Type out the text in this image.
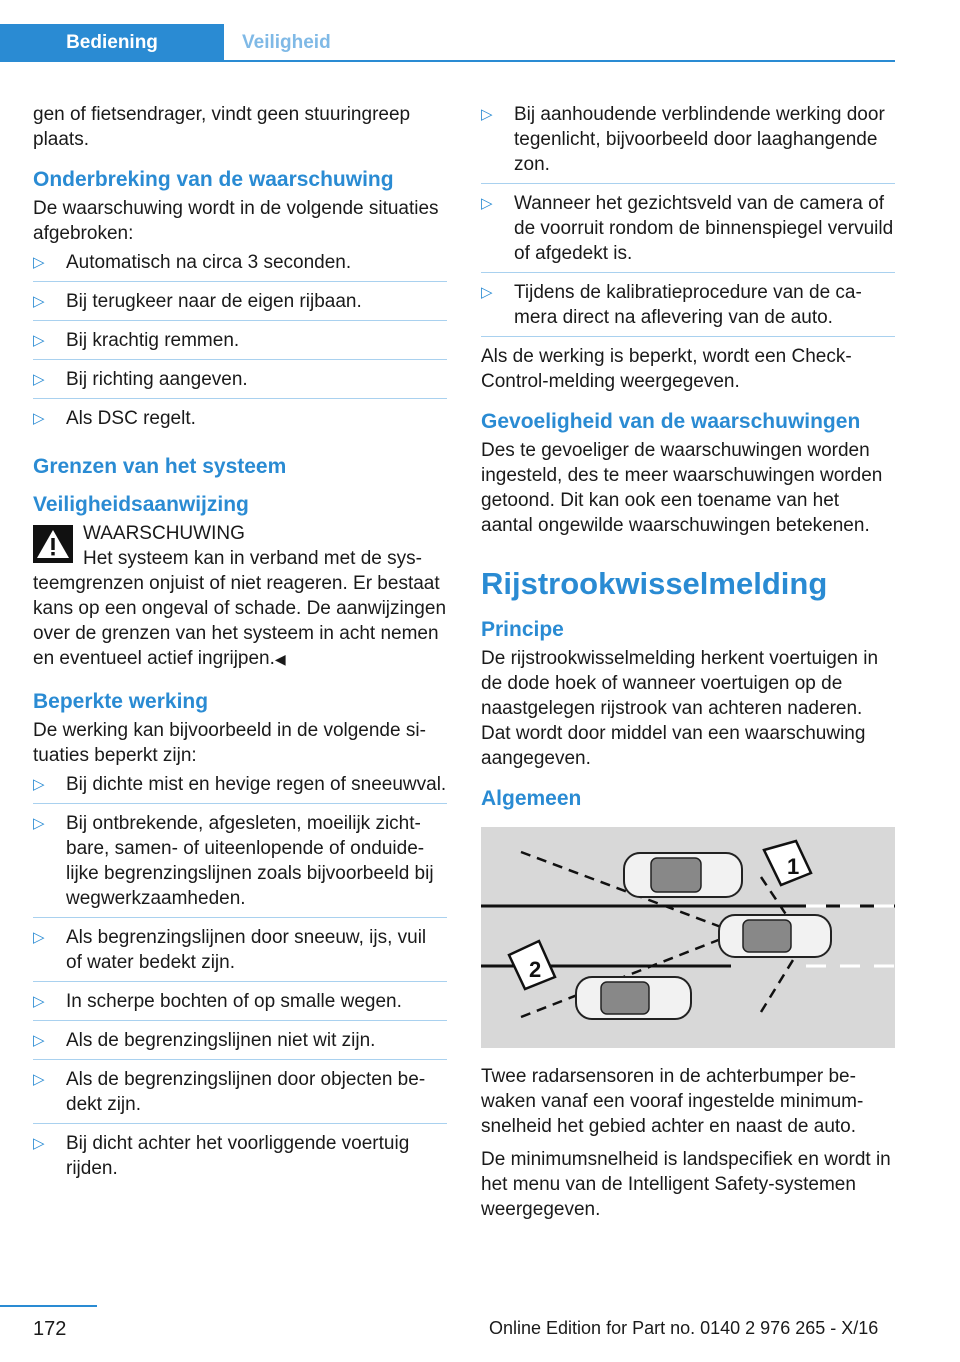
Bediening	Veiligheid

gen of fietsendrager, vindt geen stuuringreep plaats.

Onderbreking van de waarschuwing

De waarschuwing wordt in de volgende situaties afgebroken:

▷ Automatisch na circa 3 seconden.
▷ Bij terugkeer naar de eigen rijbaan.
▷ Bij krachtig remmen.
▷ Bij richting aangeven.
▷ Als DSC regelt.
Grenzen van het systeem
Veiligheidsaanwijzing
WAARSCHUWING

Het systeem kan in verband met de systeemgrenzen onjuist of niet reageren. Er bestaat kans op een ongeval of schade. De aanwijzingen over de grenzen van het systeem in acht nemen en eventueel actief ingrijpen.◀

Beperkte werking

De werking kan bijvoorbeeld in de volgende situaties beperkt zijn:

▷ Bij dichte mist en hevige regen of sneeuwval.
▷ Bij ontbrekende, afgesleten, moeilijk zichtbare, samen- of uiteenlopende of onduidelijke begrenzingslijnen zoals bijvoorbeeld bij wegwerkzaamheden.
▷ Als begrenzingslijnen door sneeuw, ijs, vuil of water bedekt zijn.
▷ In scherpe bochten of op smalle wegen.
▷ Als de begrenzingslijnen niet wit zijn.
▷ Als de begrenzingslijnen door objecten bedekt zijn.
▷ Bij dicht achter het voorliggende voertuig rijden.
▷ Bij aanhoudende verblindende werking door tegenlicht, bijvoorbeeld door laaghangende zon.
▷ Wanneer het gezichtsveld van de camera of de voorruit rondom de binnenspiegel vervuild of afgedekt is.
▷ Tijdens de kalibratieprocedure van de camera direct na aflevering van de auto.

Als de werking is beperkt, wordt een Check-Control-melding weergegeven.

Gevoeligheid van de waarschuwingen

Des te gevoeliger de waarschuwingen worden ingesteld, des te meer waarschuwingen worden getoond. Dit kan ook een toename van het aantal ongewilde waarschuwingen betekenen.

Rijstrookwisselmelding
Principe

De rijstrookwisselmelding herkent voertuigen in de dode hoek of wanneer voertuigen op de naastgelegen rijstrook van achteren naderen. Dat wordt door middel van een waarschuwing aangegeven.

Algemeen
1
2

Twee radarsensoren in de achterbumper bewaken vanaf een vooraf ingestelde minimumsnelheid het gebied achter en naast de auto.

De minimumsnelheid is landspecifiek en wordt in het menu van de Intelligent Safety-systemen weergegeven.

172	Online Edition for Part no. 0140 2 976 265 - X/16
